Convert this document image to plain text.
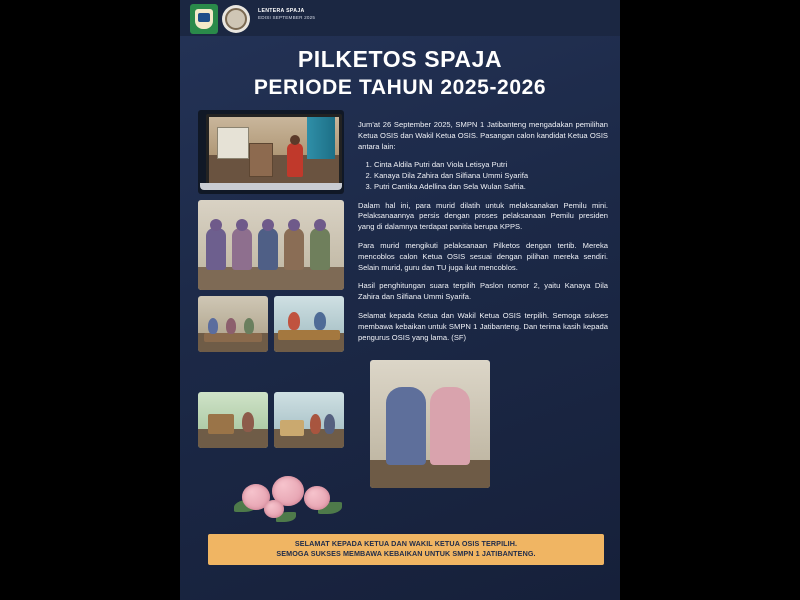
LENTERA SPAJA
EDISI SEPTEMBER 2025
PILKETOS SPAJA
PERIODE TAHUN 2025-2026

Jum'at 26 September 2025, SMPN 1 Jatibanteng mengadakan pemilihan Ketua OSIS dan Wakil Ketua OSIS. Pasangan calon kandidat Ketua OSIS antara lain:

1. Cinta Aldila Putri dan Viola Letisya Putri
2. Kanaya Dila Zahira dan Silfiana Ummi Syarifa
3. Putri Cantika Adellina dan Sela Wulan Safria.

Dalam hal ini, para murid dilatih untuk melaksanakan Pemilu mini. Pelaksanaannya persis dengan proses pelaksanaan Pemilu presiden yang di dalamnya terdapat panitia berupa KPPS.

Para murid mengikuti pelaksanaan Pilketos dengan tertib. Mereka mencoblos calon Ketua OSIS sesuai dengan pilihan mereka sendiri. Selain murid, guru dan TU juga ikut mencoblos.

Hasil penghitungan suara terpilih Paslon nomor 2, yaitu Kanaya Dila Zahira dan Silfiana Ummi Syarifa.

Selamat kepada Ketua dan Wakil Ketua OSIS terpilih. Semoga sukses membawa kebaikan untuk SMPN 1 Jatibanteng. Dan terima kasih kepada pengurus OSIS yang lama. (SF)

SELAMAT KEPADA KETUA DAN WAKIL KETUA OSIS TERPILIH.
SEMOGA SUKSES MEMBAWA KEBAIKAN UNTUK SMPN 1 JATIBANTENG.
